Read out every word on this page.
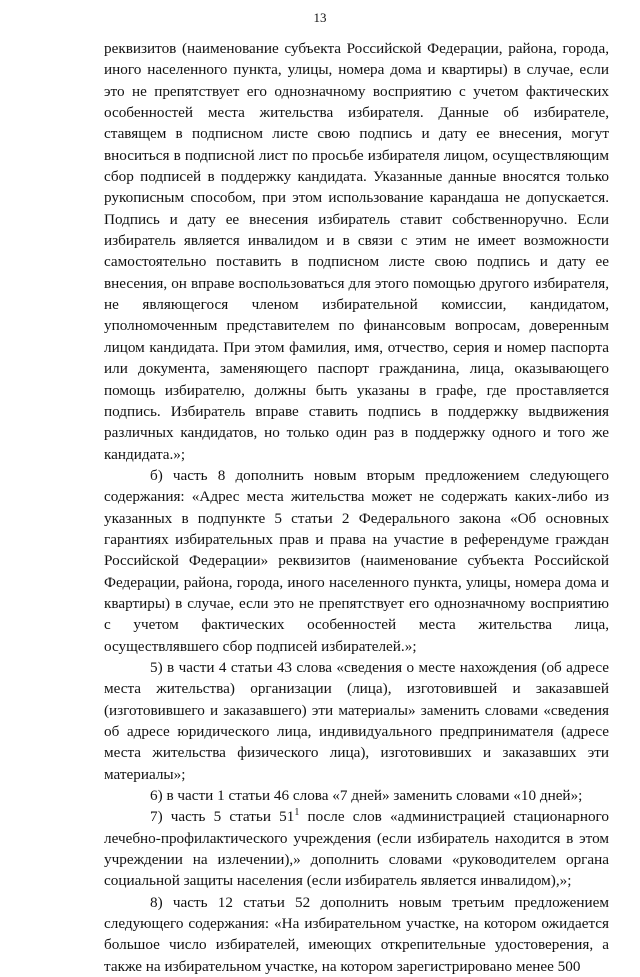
13

реквизитов (наименование субъекта Российской Федерации, района, города, иного населенного пункта, улицы, номера дома и квартиры) в случае, если это не препятствует его однозначному восприятию с учетом фактических особенностей места жительства избирателя. Данные об избирателе, ставящем в подписном листе свою подпись и дату ее внесения, могут вноситься в подписной лист по просьбе избирателя лицом, осуществляющим сбор подписей в поддержку кандидата. Указанные данные вносятся только рукописным способом, при этом использование карандаша не допускается. Подпись и дату ее внесения избиратель ставит собственноручно. Если избиратель является инвалидом и в связи с этим не имеет возможности самостоятельно поставить в подписном листе свою подпись и дату ее внесения, он вправе воспользоваться для этого помощью другого избирателя, не являющегося членом избирательной комиссии, кандидатом, уполномоченным представителем по финансовым вопросам, доверенным лицом кандидата. При этом фамилия, имя, отчество, серия и номер паспорта или документа, заменяющего паспорт гражданина, лица, оказывающего помощь избирателю, должны быть указаны в графе, где проставляется подпись. Избиратель вправе ставить подпись в поддержку выдвижения различных кандидатов, но только один раз в поддержку одного и того же кандидата.»;

б) часть 8 дополнить новым вторым предложением следующего содержания: «Адрес места жительства может не содержать каких-либо из указанных в подпункте 5 статьи 2 Федерального закона «Об основных гарантиях избирательных прав и права на участие в референдуме граждан Российской Федерации» реквизитов (наименование субъекта Российской Федерации, района, города, иного населенного пункта, улицы, номера дома и квартиры) в случае, если это не препятствует его однозначному восприятию с учетом фактических особенностей места жительства лица, осуществлявшего сбор подписей избирателей.»;

5) в части 4 статьи 43 слова «сведения о месте нахождения (об адресе места жительства) организации (лица), изготовившей и заказавшей (изготовившего и заказавшего) эти материалы» заменить словами «сведения об адресе юридического лица, индивидуального предпринимателя (адресе места жительства физического лица), изготовивших и заказавших эти материалы»;

6) в части 1 статьи 46 слова «7 дней» заменить словами «10 дней»;

7) часть 5 статьи $51^1$ после слов «администрацией стационарного лечебно-профилактического учреждения (если избиратель находится в этом учреждении на излечении),» дополнить словами «руководителем органа социальной защиты населения (если избиратель является инвалидом),»;

8) часть 12 статьи 52 дополнить новым третьим предложением следующего содержания: «На избирательном участке, на котором ожидается большое число избирателей, имеющих открепительные удостоверения, а также на избирательном участке, на котором зарегистрировано менее 500
